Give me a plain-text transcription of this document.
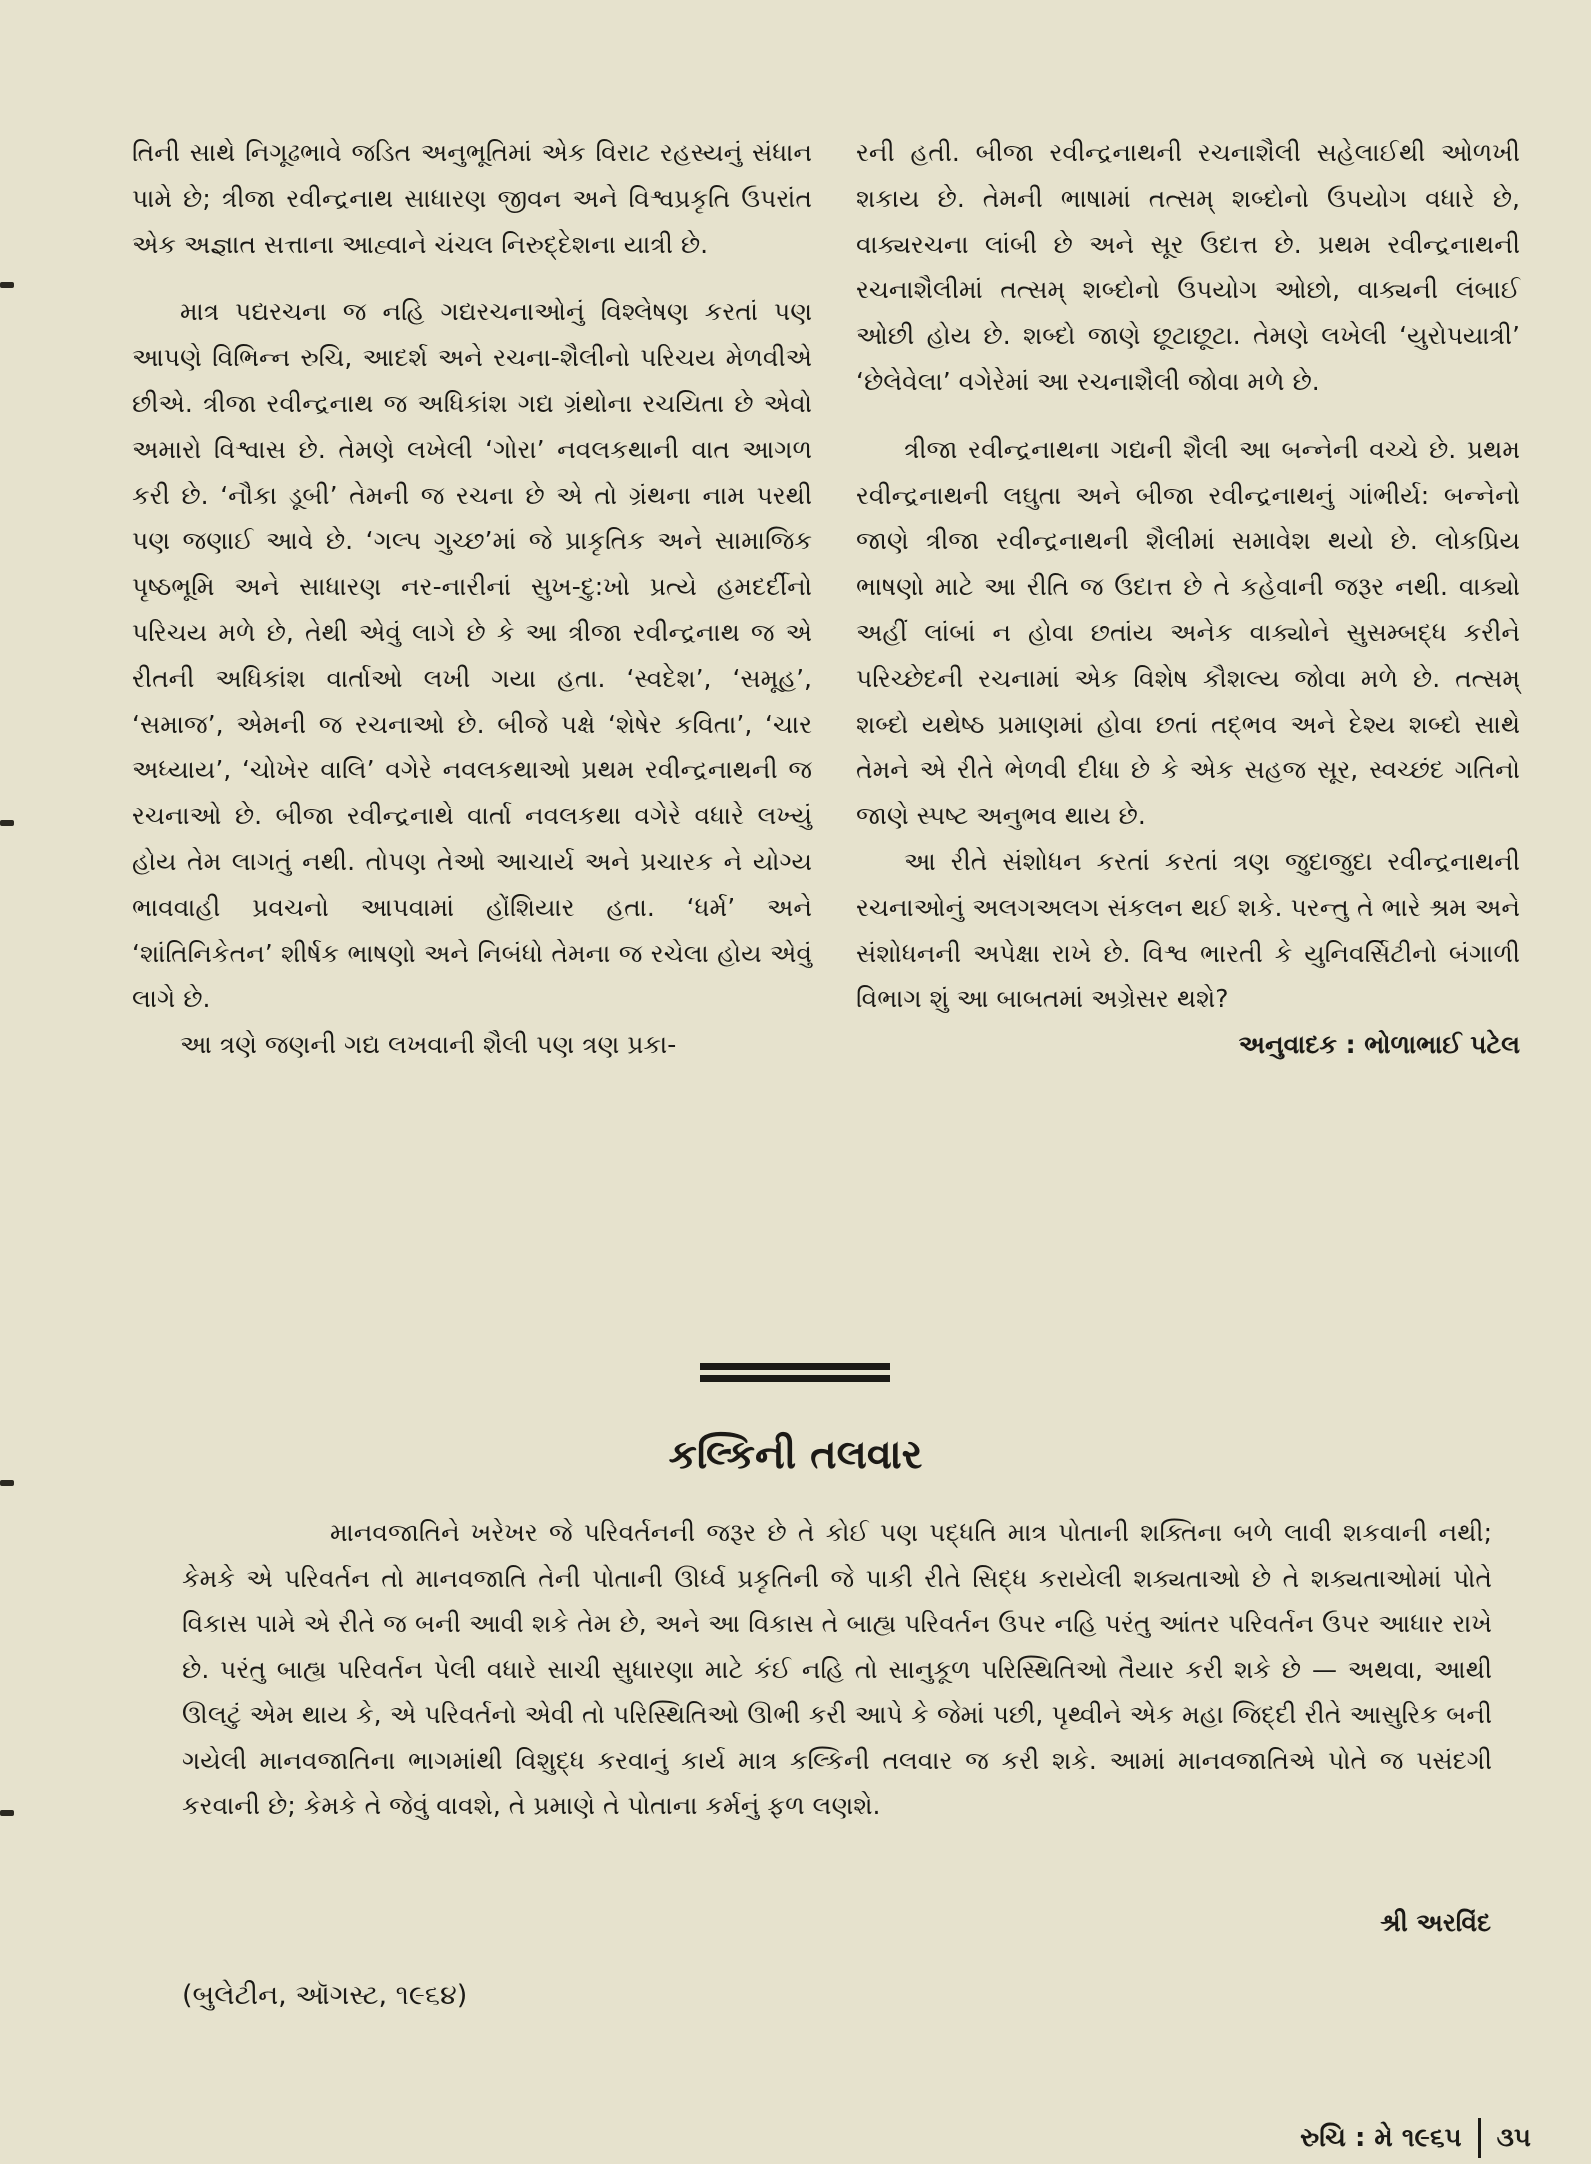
તિની સાથે નિગૂઢભાવે જડિત અનુભૂતિમાં એક વિરાટ રહસ્યનું સંધાન પામે છે; ત્રીજા રવીન્દ્રનાથ સાધારણ જીવન અને વિશ્વપ્રકૃતિ ઉપરાંત એક અજ્ઞાત સત્તાના આહ્વાને ચંચલ નિરુદ્દેશના યાત્રી છે.

માત્ર પદ્યરચના જ નહિ ગદ્યરચનાઓનું વિશ્લેષણ કરતાં પણ આપણે વિભિન્ન રુચિ, આદર્શ અને રચના-શૈલીનો પરિચય મેળવીએ છીએ. ત્રીજા રવીન્દ્રનાથ જ અધિકાંશ ગદ્ય ગ્રંથોના રચયિતા છે એવો અમારો વિશ્વાસ છે. તેમણે લખેલી ‘ગોરા’ નવલકથાની વાત આગળ કરી છે. ‘નૌકા ડૂબી’ તેમની જ રચના છે એ તો ગ્રંથના નામ પરથી પણ જણાઈ આવે છે. ‘ગલ્પ ગુચ્છ’માં જે પ્રાકૃતિક અને સામાજિક પૃષ્ઠભૂમિ અને સાધારણ નર-નારીનાં સુખ-દુ:ખો પ્રત્યે હમદર્દીનો પરિચય મળે છે, તેથી એવું લાગે છે કે આ ત્રીજા રવીન્દ્રનાથ જ એ રીતની અધિકાંશ વાર્તાઓ લખી ગયા હતા. ‘સ્વદેશ’, ‘સમૂહ’, ‘સમાજ’, એમની જ રચનાઓ છે. બીજે પક્ષે ‘શેષેર કવિતા’, ‘ચાર અધ્યાય’, ‘ચોખેર વાલિ’ વગેરે નવલકથાઓ પ્રથમ રવીન્દ્રનાથની જ રચનાઓ છે. બીજા રવીન્દ્રનાથે વાર્તા નવલકથા વગેરે વધારે લખ્યું હોય તેમ લાગતું નથી. તોપણ તેઓ આચાર્ય અને પ્રચારક ને યોગ્ય ભાવવાહી પ્રવચનો આપવામાં હોંશિયાર હતા. ‘ધર્મ’ અને ‘શાંતિનિકેતન’ શીર્ષક ભાષણો અને નિબંધો તેમના જ રચેલા હોય એવું લાગે છે.

આ ત્રણે જણની ગદ્ય લખવાની શૈલી પણ ત્રણ પ્રકા-

રની હતી. બીજા રવીન્દ્રનાથની રચનાશૈલી સહેલાઈથી ઓળખી શકાય છે. તેમની ભાષામાં તત્સમ્ શબ્દોનો ઉપયોગ વધારે છે, વાક્યરચના લાંબી છે અને સૂર ઉદાત્ત છે. પ્રથમ રવીન્દ્રનાથની રચનાશૈલીમાં તત્સમ્ શબ્દોનો ઉપયોગ ઓછો, વાક્યની લંબાઈ ઓછી હોય છે. શબ્દો જાણે છૂટાછૂટા. તેમણે લખેલી ‘યુરોપયાત્રી’ ‘છેલેવેલા’ વગેરેમાં આ રચનાશૈલી જોવા મળે છે.

ત્રીજા રવીન્દ્રનાથના ગદ્યની શૈલી આ બન્નેની વચ્ચે છે. પ્રથમ રવીન્દ્રનાથની લઘુતા અને બીજા રવીન્દ્રનાથનું ગાંભીર્ય: બન્નેનો જાણે ત્રીજા રવીન્દ્રનાથની શૈલીમાં સમાવેશ થયો છે. લોકપ્રિય ભાષણો માટે આ રીતિ જ ઉદાત્ત છે તે કહેવાની જરૂર નથી. વાક્યો અહીં લાંબાં ન હોવા છતાંય અનેક વાક્યોને સુસમ્બદ્ધ કરીને પરિચ્છેદની રચનામાં એક વિશેષ કૌશલ્ય જોવા મળે છે. તત્સમ્ શબ્દો યથેષ્ઠ પ્રમાણમાં હોવા છતાં તદ્ભવ અને દેશ્ય શબ્દો સાથે તેમને એ રીતે ભેળવી દીધા છે કે એક સહજ સૂર, સ્વચ્છંદ ગતિનો જાણે સ્પષ્ટ અનુભવ થાય છે.

આ રીતે સંશોધન કરતાં કરતાં ત્રણ જુદાજુદા રવીન્દ્રનાથની રચનાઓનું અલગઅલગ સંકલન થઈ શકે. પરન્તુ તે ભારે શ્રમ અને સંશોધનની અપેક્ષા રાખે છે. વિશ્વ ભારતી કે યુનિવર્સિટીનો બંગાળી વિભાગ શું આ બાબતમાં અગ્રેસર થશે?

અનુવાદક : ભોળાભાઈ પટેલ

કલ્કિની તલવાર
માનવજાતિને ખરેખર જે પરિવર્તનની જરૂર છે તે કોઈ પણ પદ્ધતિ માત્ર પોતાની શક્તિના બળે લાવી શકવાની નથી; કેમકે એ પરિવર્તન તો માનવજાતિ તેની પોતાની ઊર્ધ્વ પ્રકૃતિની જે પાકી રીતે સિદ્ધ કરાયેલી શક્યતાઓ છે તે શક્યતાઓમાં પોતે વિકાસ પામે એ રીતે જ બની આવી શકે તેમ છે, અને આ વિકાસ તે બાહ્ય પરિવર્તન ઉપર નહિ પરંતુ આંતર પરિવર્તન ઉપર આધાર રાખે છે. પરંતુ બાહ્ય પરિવર્તન પેલી વધારે સાચી સુધારણા માટે કંઈ નહિ તો સાનુકૂળ પરિસ્થિતિઓ તૈયાર કરી શકે છે — અથવા, આથી ઊલટું એમ થાય કે, એ પરિવર્તનો એવી તો પરિસ્થિતિઓ ઊભી કરી આપે કે જેમાં પછી, પૃથ્વીને એક મહા જિદ્દી રીતે આસુરિક બની ગયેલી માનવજાતિના ભાગમાંથી વિશુદ્ધ કરવાનું કાર્ય માત્ર કલ્કિની તલવાર જ કરી શકે. આમાં માનવજાતિએ પોતે જ પસંદગી કરવાની છે; કેમકે તે જેવું વાવશે, તે પ્રમાણે તે પોતાના કર્મનું ફળ લણશે.
શ્રી અરવિંદ
(બુલેટીન, ઑગસ્ટ, ૧૯૬૪)
રુચિ : મે ૧૯૬૫ ૩૫
